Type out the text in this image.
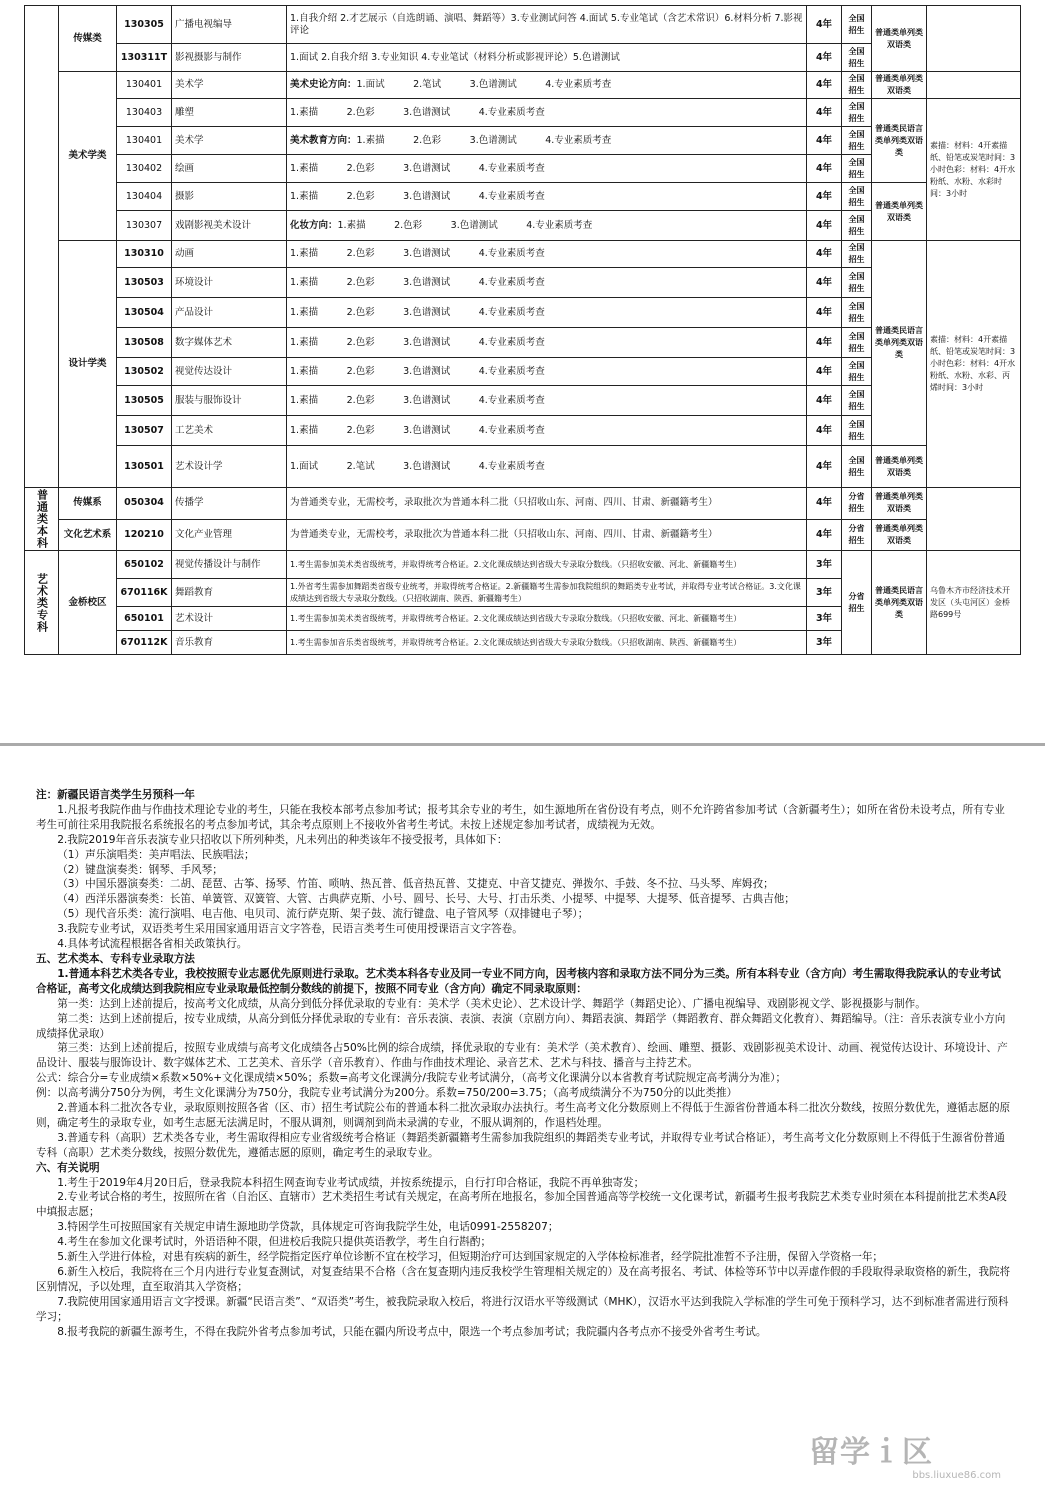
	传媒类	130305	广播电视编导	1.自我介绍 2.才艺展示（自选朗诵、演唱、舞蹈等）3.专业测试问答 4.面试 5.专业笔试（含艺术常识）6.材料分析 7.影视评论	4年	全国招生	普通类单列类双语类	
		130311T	影视摄影与制作	1.面试 2.自我介绍 3.专业知识 4.专业笔试（材料分析或影视评论）5.色谱测试	4年	全国招生		
	美术学类	130401	美术学	美术史论方向：1.面试　　　2.笔试　　　3.色谱测试　　　4.专业素质考查	4年	全国招生	普通类单列类双语类	
		130403	雕塑	1.素描　　　2.色彩　　　3.色谱测试　　　4.专业素质考查	4年	全国招生	普通类民语言类单列类双语类	素描：材料：4开素描纸、铅笔或炭笔时间：3小时色彩：材料：4开水粉纸、水粉、水彩时间：3小时
		130401	美术学	美术教育方向：1.素描　　　2.色彩　　　3.色谱测试　　　4.专业素质考查	4年	全国招生		
		130402	绘画	1.素描　　　2.色彩　　　3.色谱测试　　　4.专业素质考查	4年	全国招生		
		130404	摄影	1.素描　　　2.色彩　　　3.色谱测试　　　4.专业素质考查	4年	全国招生	普通类单列类双语类	
		130307	戏剧影视美术设计	化妆方向：1.素描　　　2.色彩　　　3.色谱测试　　　4.专业素质考查	4年	全国招生		
	设计学类	130310	动画	1.素描　　　2.色彩　　　3.色谱测试　　　4.专业素质考查	4年	全国招生	普通类民语言类单列类双语类	素描：材料：4开素描纸、铅笔或炭笔时间：3小时色彩：材料：4开水粉纸、水粉、水彩、丙烯时间：3小时
		130503	环境设计	1.素描　　　2.色彩　　　3.色谱测试　　　4.专业素质考查	4年	全国招生		
		130504	产品设计	1.素描　　　2.色彩　　　3.色谱测试　　　4.专业素质考查	4年	全国招生		
		130508	数字媒体艺术	1.素描　　　2.色彩　　　3.色谱测试　　　4.专业素质考查	4年	全国招生		
		130502	视觉传达设计	1.素描　　　2.色彩　　　3.色谱测试　　　4.专业素质考查	4年	全国招生		
		130505	服装与服饰设计	1.素描　　　2.色彩　　　3.色谱测试　　　4.专业素质考查	4年	全国招生		
		130507	工艺美术	1.素描　　　2.色彩　　　3.色谱测试　　　4.专业素质考查	4年	全国招生		
		130501	艺术设计学	1.面试　　　2.笔试　　　3.色谱测试　　　4.专业素质考查	4年	全国招生	普通类单列类双语类	
普通类本科	传媒系	050304	传播学	为普通类专业，无需校考，录取批次为普通本科二批（只招收山东、河南、四川、甘肃、新疆籍考生）	4年	分省招生	普通类单列类双语类	
	文化艺术系	120210	文化产业管理	为普通类专业，无需校考，录取批次为普通本科二批（只招收山东、河南、四川、甘肃、新疆籍考生）	4年	分省招生	普通类单列类双语类	
艺术类专科	金桥校区	650102	视觉传播设计与制作	1.考生需参加美术类省级统考，并取得统考合格证。2.文化课成绩达到省级大专录取分数线。（只招收安徽、河北、新疆籍考生）	3年	分省招生	普通类民语言类单列类双语类	乌鲁木齐市经济技术开发区（头屯河区）金桥路699号
		670116K	舞蹈教育	1.外省考生需参加舞蹈类省级专业统考，并取得统考合格证。2.新疆籍考生需参加我院组织的舞蹈类专业考试，并取得专业考试合格证。3.文化课成绩达到省级大专录取分数线。（只招收湖南、陕西、新疆籍考生）	3年			
		650101	艺术设计	1.考生需参加美术类省级统考，并取得统考合格证。2.文化课成绩达到省级大专录取分数线。（只招收安徽、河北、新疆籍考生）	3年			
		670112K	音乐教育	1.考生需参加音乐类省级统考，并取得统考合格证。2.文化课成绩达到省级大专录取分数线。（只招收湖南、陕西、新疆籍考生）	3年			

注：新疆民语言类学生另预科一年

1.凡报考我院作曲与作曲技术理论专业的考生，只能在我校本部考点参加考试；报考其余专业的考生，如生源地所在省份设有考点，则不允许跨省参加考试（含新疆考生）；如所在省份未设考点，所有专业考生可前往采用我院报名系统报名的考点参加考试，其余考点原则上不接收外省考生考试。未按上述规定参加考试者，成绩视为无效。

2.我院2019年音乐表演专业只招收以下所列种类，凡未列出的种类该年不接受报考，具体如下：

（1）声乐演唱类：美声唱法、民族唱法；

（2）键盘演奏类：钢琴、手风琴；

（3）中国乐器演奏类：二胡、琵琶、古筝、扬琴、竹笛、唢呐、热瓦普、低音热瓦普、艾捷克、中音艾捷克、弹拨尔、手鼓、冬不拉、马头琴、库姆孜；

（4）西洋乐器演奏类：长笛、单簧管、双簧管、大管、古典萨克斯、小号、圆号、长号、大号、打击乐类、小提琴、中提琴、大提琴、低音提琴、古典吉他；

（5）现代音乐类：流行演唱、电吉他、电贝司、流行萨克斯、架子鼓、流行键盘、电子管风琴（双排键电子琴）；

3.我院专业考试，双语类考生采用国家通用语言文字答卷，民语言类考生可使用授课语言文字答卷。

4.具体考试流程根据各省相关政策执行。

五、艺术类本、专科专业录取方法

1.普通本科艺术类各专业，我校按照专业志愿优先原则进行录取。艺术类本科各专业及同一专业不同方向，因考核内容和录取方法不同分为三类。所有本科专业（含方向）考生需取得我院承认的专业考试合格证，高考文化成绩达到我院相应专业录取最低控制分数线的前提下，按照不同专业（含方向）确定不同录取原则：

第一类：达到上述前提后，按高考文化成绩，从高分到低分择优录取的专业有：美术学（美术史论）、艺术设计学、舞蹈学（舞蹈史论）、广播电视编导、戏剧影视文学、影视摄影与制作。

第二类：达到上述前提后，按专业成绩，从高分到低分择优录取的专业有：音乐表演、表演、表演（京剧方向）、舞蹈表演、舞蹈学（舞蹈教育、群众舞蹈文化教育）、舞蹈编导。（注：音乐表演专业小方向成绩择优录取）

第三类：达到上述前提后，按照专业成绩与高考文化成绩各占50%比例的综合成绩，择优录取的专业有：美术学（美术教育）、绘画、雕塑、摄影、戏剧影视美术设计、动画、视觉传达设计、环境设计、产品设计、服装与服饰设计、数字媒体艺术、工艺美术、音乐学（音乐教育）、作曲与作曲技术理论、录音艺术、艺术与科技、播音与主持艺术。

公式：综合分=专业成绩×系数×50%+文化课成绩×50%；系数=高考文化课满分/我院专业考试满分，（高考文化课满分以本省教育考试院规定高考满分为准）；

例：以高考满分750分为例，考生文化课满分为750分，我院专业考试满分为200分。系数=750/200=3.75；（高考成绩满分不为750分的以此类推）

2.普通本科二批次各专业，录取原则按照各省（区、市）招生考试院公布的普通本科二批次录取办法执行。考生高考文化分数原则上不得低于生源省份普通本科二批次分数线，按照分数优先，遵循志愿的原则，确定考生的录取专业，如考生志愿无法满足时，不服从调剂，则调剂到尚未录满的专业，不服从调剂的，作退档处理。

3.普通专科（高职）艺术类各专业，考生需取得相应专业省级统考合格证（舞蹈类新疆籍考生需参加我院组织的舞蹈类专业考试，并取得专业考试合格证），考生高考文化分数原则上不得低于生源省份普通专科（高职）艺术类分数线，按照分数优先，遵循志愿的原则，确定考生的录取专业。

六、有关说明

1.考生于2019年4月20日后，登录我院本科招生网查询专业考试成绩，并按系统提示，自行打印合格证，我院不再单独寄发；

2.专业考试合格的考生，按照所在省（自治区、直辖市）艺术类招生考试有关规定，在高考所在地报名，参加全国普通高等学校统一文化课考试，新疆考生报考我院艺术类专业时须在本科提前批艺术类A段中填报志愿；

3.特困学生可按照国家有关规定申请生源地助学贷款，具体规定可咨询我院学生处，电话0991-2558207；

4.考生在参加文化课考试时，外语语种不限，但进校后我院只提供英语教学，考生自行斟酌；

5.新生入学进行体检，对患有疾病的新生，经学院指定医疗单位诊断不宜在校学习，但短期治疗可达到国家规定的入学体检标准者，经学院批准暂不予注册，保留入学资格一年；

6.新生入校后，我院将在三个月内进行专业复查测试，对复查结果不合格（含在复查期内违反我校学生管理相关规定的）及在高考报名、考试、体检等环节中以弄虚作假的手段取得录取资格的新生，我院将区别情况，予以处理，直至取消其入学资格；

7.我院使用国家通用语言文字授课。新疆“民语言类”、“双语类”考生，被我院录取入校后，将进行汉语水平等级测试（MHK），汉语水平达到我院入学标准的学生可免于预科学习，达不到标准者需进行预科学习；

8.报考我院的新疆生源考生，不得在我院外省考点参加考试，只能在疆内所设考点中，限选一个考点参加考试；我院疆内各考点亦不接受外省考生考试。

留学ｉ区
bbs.liuxue86.com
